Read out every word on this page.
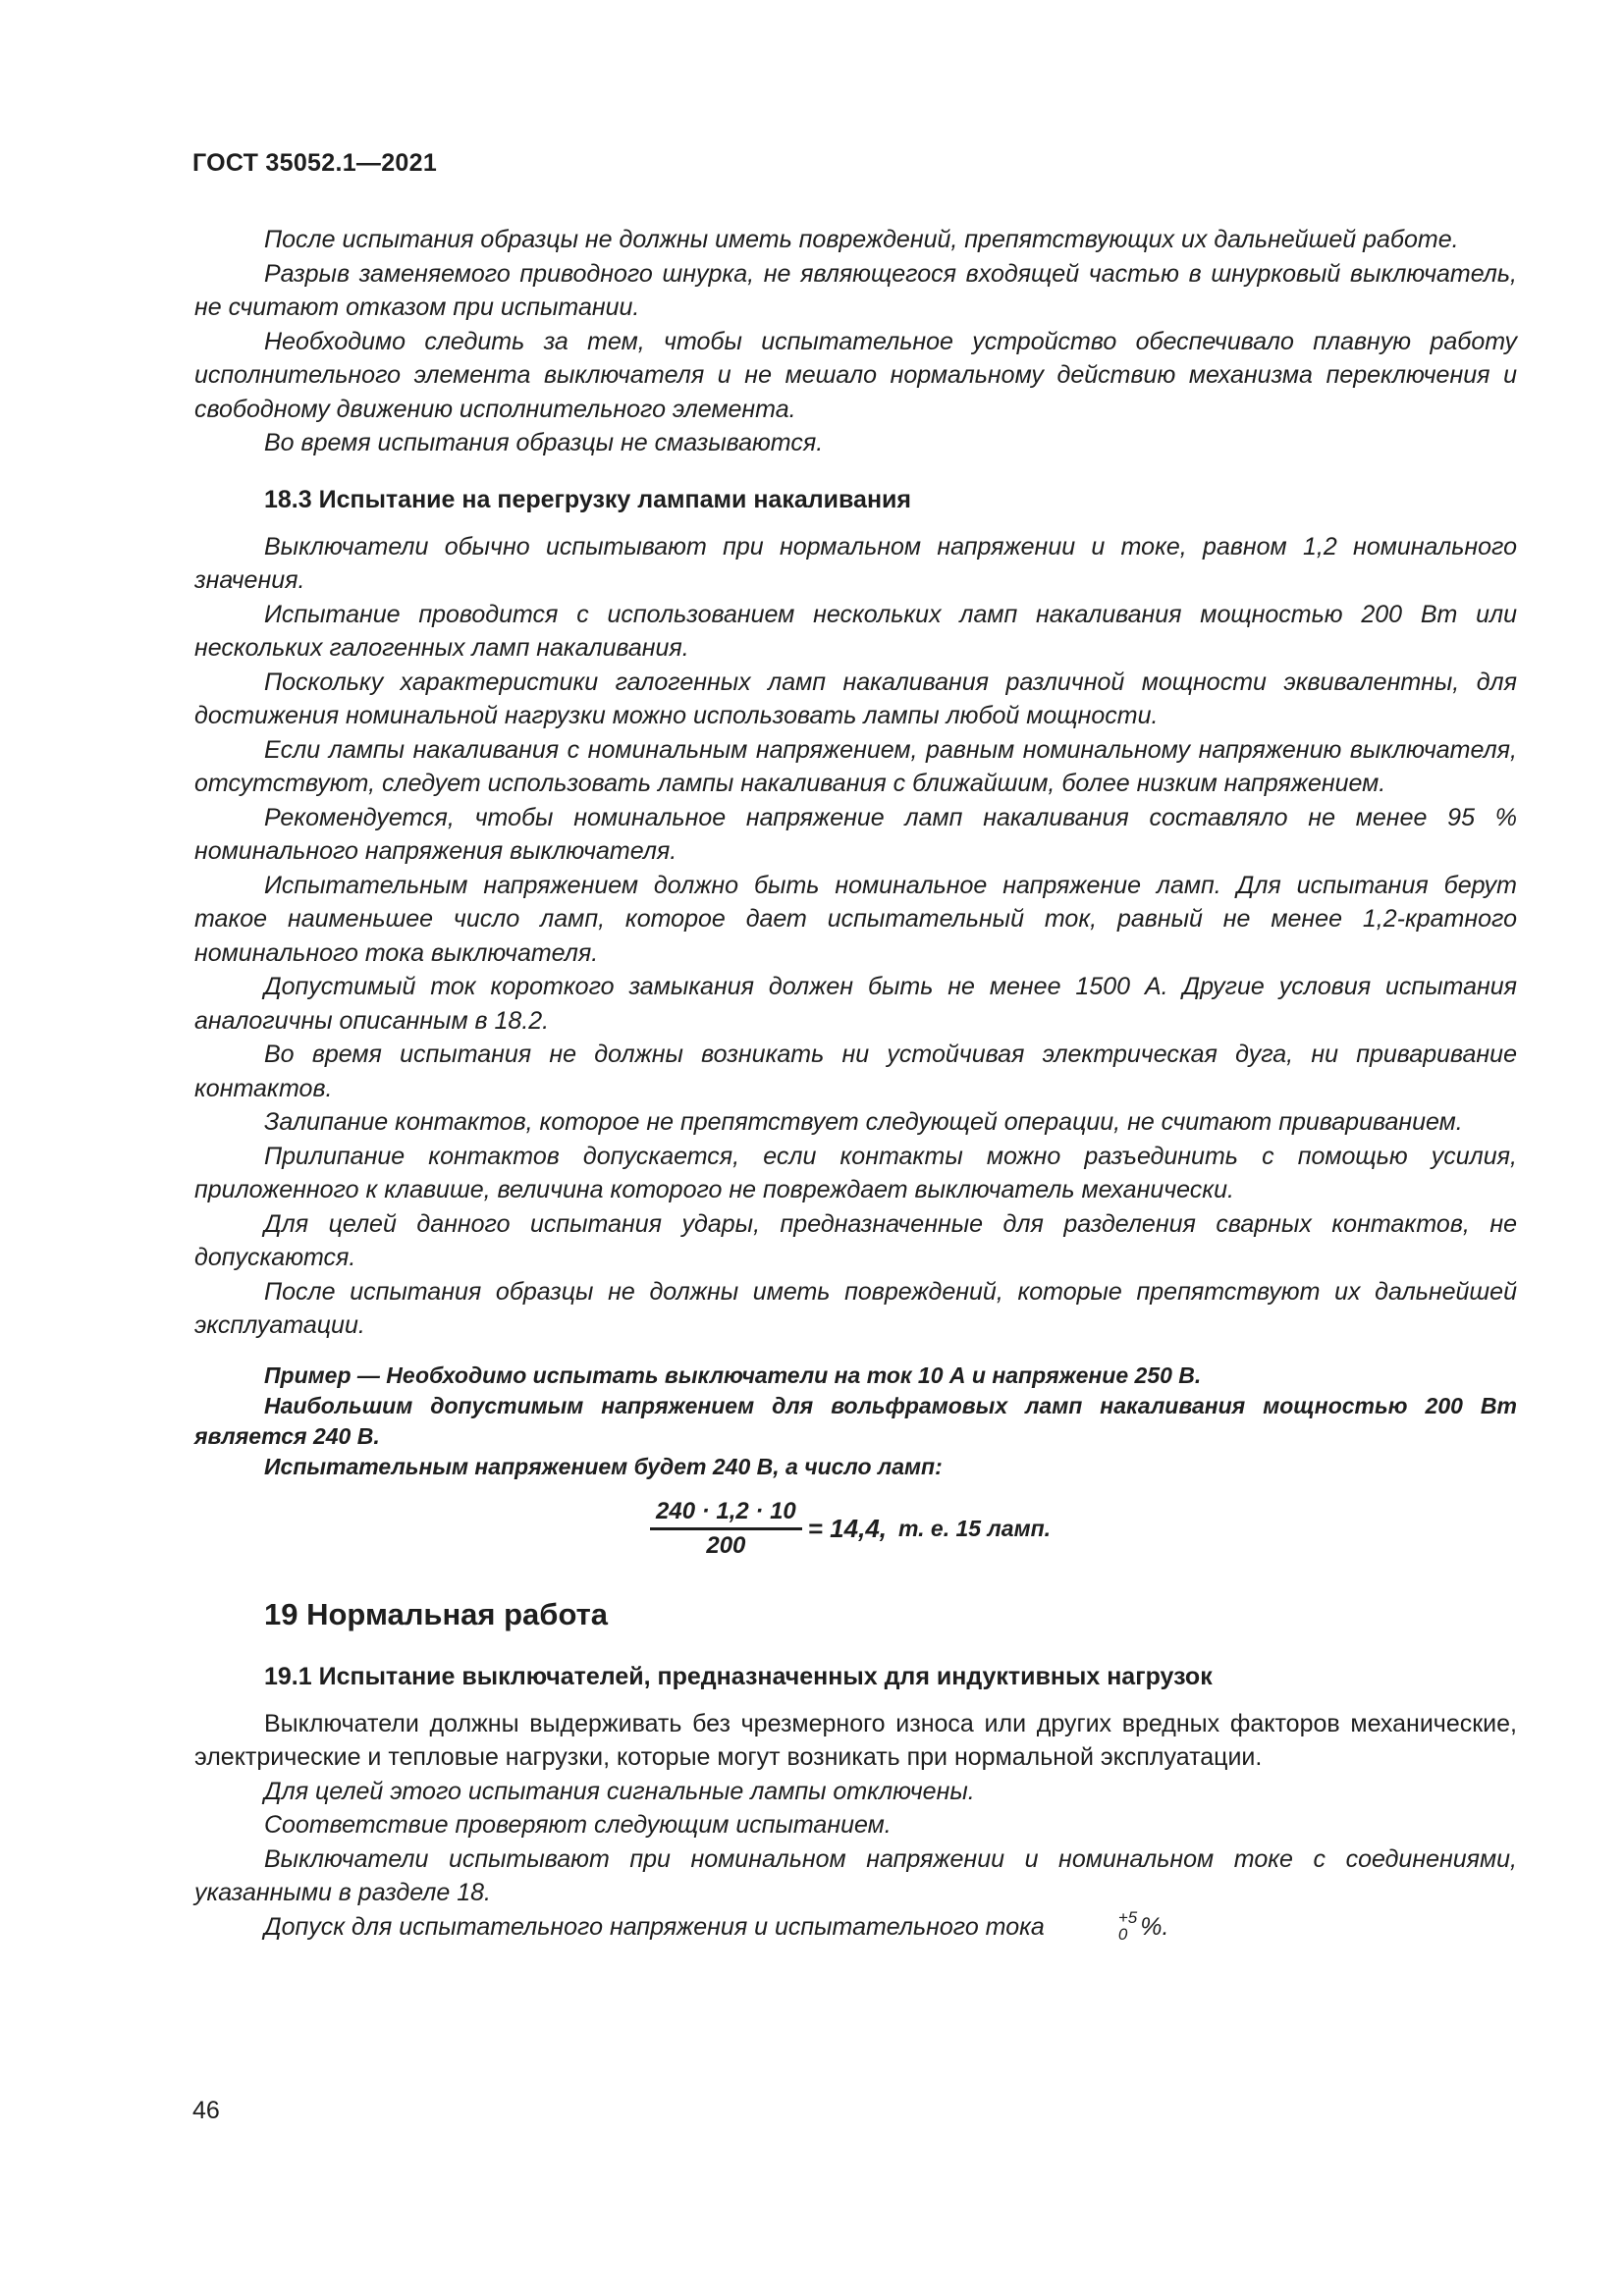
ГОСТ 35052.1—2021

После испытания образцы не должны иметь повреждений, препятствующих их дальнейшей работе.

Разрыв заменяемого приводного шнурка, не являющегося входящей частью в шнурковый выключатель, не считают отказом при испытании.

Необходимо следить за тем, чтобы испытательное устройство обеспечивало плавную работу исполнительного элемента выключателя и не мешало нормальному действию механизма переключения и свободному движению исполнительного элемента.

Во время испытания образцы не смазываются.

18.3 Испытание на перегрузку лампами накаливания

Выключатели обычно испытывают при нормальном напряжении и токе, равном 1,2 номинального значения.

Испытание проводится с использованием нескольких ламп накаливания мощностью 200 Вт или нескольких галогенных ламп накаливания.

Поскольку характеристики галогенных ламп накаливания различной мощности эквивалентны, для достижения номинальной нагрузки можно использовать лампы любой мощности.

Если лампы накаливания с номинальным напряжением, равным номинальному напряжению выключателя, отсутствуют, следует использовать лампы накаливания с ближайшим, более низким напряжением.

Рекомендуется, чтобы номинальное напряжение ламп накаливания составляло не менее 95 % номинального напряжения выключателя.

Испытательным напряжением должно быть номинальное напряжение ламп. Для испытания берут такое наименьшее число ламп, которое дает испытательный ток, равный не менее 1,2-кратного номинального тока выключателя.

Допустимый ток короткого замыкания должен быть не менее 1500 А. Другие условия испытания аналогичны описанным в 18.2.

Во время испытания не должны возникать ни устойчивая электрическая дуга, ни приваривание контактов.

Залипание контактов, которое не препятствует следующей операции, не считают привариванием.

Прилипание контактов допускается, если контакты можно разъединить с помощью усилия, приложенного к клавише, величина которого не повреждает выключатель механически.

Для целей данного испытания удары, предназначенные для разделения сварных контактов, не допускаются.

После испытания образцы не должны иметь повреждений, которые препятствуют их дальнейшей эксплуатации.

Пример — Необходимо испытать выключатели на ток 10 А и напряжение 250 В.

Наибольшим допустимым напряжением для вольфрамовых ламп накаливания мощностью 200 Вт является 240 В.

Испытательным напряжением будет 240 В, а число ламп:

$\frac{240 \cdot 1,2 \cdot 10}{200} = 14,4$, т. е. 15 ламп.
19 Нормальная работа
19.1 Испытание выключателей, предназначенных для индуктивных нагрузок

Выключатели должны выдерживать без чрезмерного износа или других вредных факторов механические, электрические и тепловые нагрузки, которые могут возникать при нормальной эксплуатации.

Для целей этого испытания сигнальные лампы отключены.

Соответствие проверяют следующим испытанием.

Выключатели испытывают при номинальном напряжении и номинальном токе с соединениями, указанными в разделе 18.

Допуск для испытательного напряжения и испытательного тока	+5
0 %.

46
